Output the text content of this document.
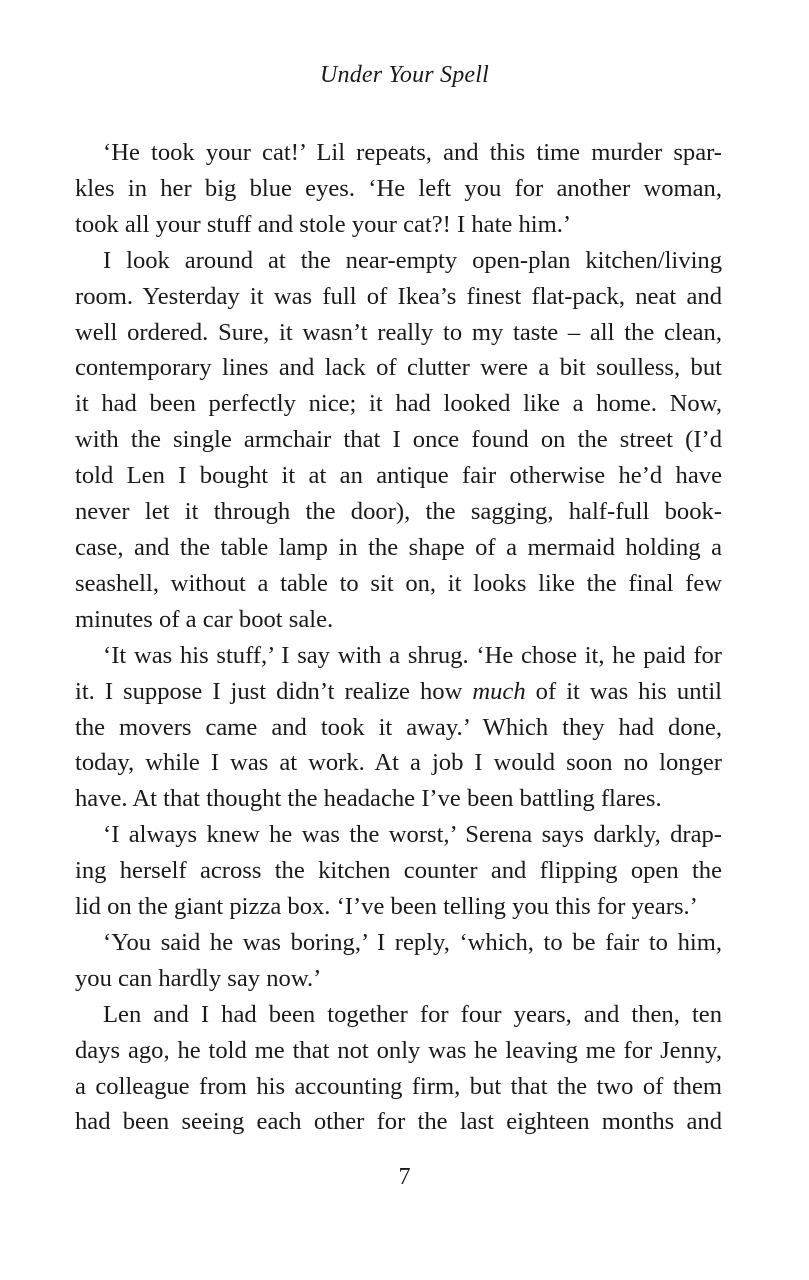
Under Your Spell

‘He took your cat!’ Lil repeats, and this time murder spar-
kles in her big blue eyes. ‘He left you for another woman,
took all your stuff and stole your cat?! I hate him.’

I look around at the near-empty open-plan kitchen/living
room. Yesterday it was full of Ikea’s finest flat-pack, neat and
well ordered. Sure, it wasn’t really to my taste – all the clean,
contemporary lines and lack of clutter were a bit soulless, but
it had been perfectly nice; it had looked like a home. Now,
with the single armchair that I once found on the street (I’d
told Len I bought it at an antique fair otherwise he’d have
never let it through the door), the sagging, half-full book-
case, and the table lamp in the shape of a mermaid holding a
seashell, without a table to sit on, it looks like the final few
minutes of a car boot sale.

‘It was his stuff,’ I say with a shrug. ‘He chose it, he paid for
it. I suppose I just didn’t realize how much of it was his until
the movers came and took it away.’ Which they had done,
today, while I was at work. At a job I would soon no longer
have. At that thought the headache I’ve been battling flares.

‘I always knew he was the worst,’ Serena says darkly, drap-
ing herself across the kitchen counter and flipping open the
lid on the giant pizza box. ‘I’ve been telling you this for years.’

‘You said he was boring,’ I reply, ‘which, to be fair to him,
you can hardly say now.’

Len and I had been together for four years, and then, ten
days ago, he told me that not only was he leaving me for Jenny,
a colleague from his accounting firm, but that the two of them
had been seeing each other for the last eighteen months and

7
